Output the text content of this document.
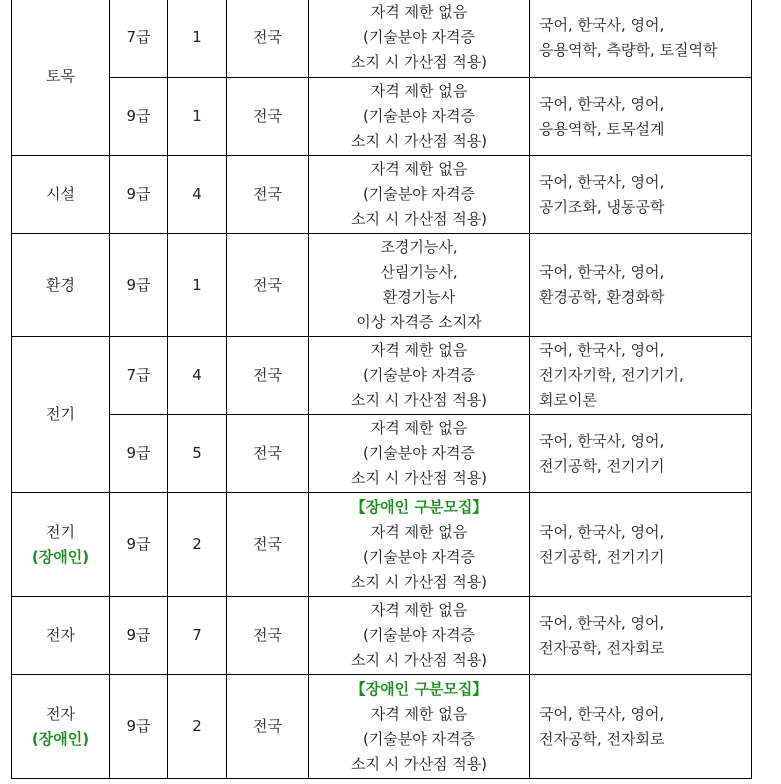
토목	7급	1	전국	자격 제한 없음
(기술분야 자격증
소지 시 가산점 적용)	국어, 한국사, 영어,
응용역학, 측량학, 토질역학

	9급	1	전국	자격 제한 없음
(기술분야 자격증
소지 시 가산점 적용)	국어, 한국사, 영어,
응용역학, 토목설계

시설	9급	4	전국	자격 제한 없음
(기술분야 자격증
소지 시 가산점 적용)	국어, 한국사, 영어,
공기조화, 냉동공학

환경	9급	1	전국	조경기능사,
산림기능사,
환경기능사
이상 자격증 소지자	국어, 한국사, 영어,
환경공학, 환경화학

전기	7급	4	전국	자격 제한 없음
(기술분야 자격증
소지 시 가산점 적용)	국어, 한국사, 영어,
전기자기학, 전기기기,
회로이론

	9급	5	전국	자격 제한 없음
(기술분야 자격증
소지 시 가산점 적용)	국어, 한국사, 영어,
전기공학, 전기기기

전기
(장애인)	9급	2	전국	【장애인 구분모집】
자격 제한 없음
(기술분야 자격증
소지 시 가산점 적용)	국어, 한국사, 영어,
전기공학, 전기기기

전자	9급	7	전국	자격 제한 없음
(기술분야 자격증
소지 시 가산점 적용)	국어, 한국사, 영어,
전자공학, 전자회로

전자
(장애인)	9급	2	전국	【장애인 구분모집】
자격 제한 없음
(기술분야 자격증
소지 시 가산점 적용)	국어, 한국사, 영어,
전자공학, 전자회로
